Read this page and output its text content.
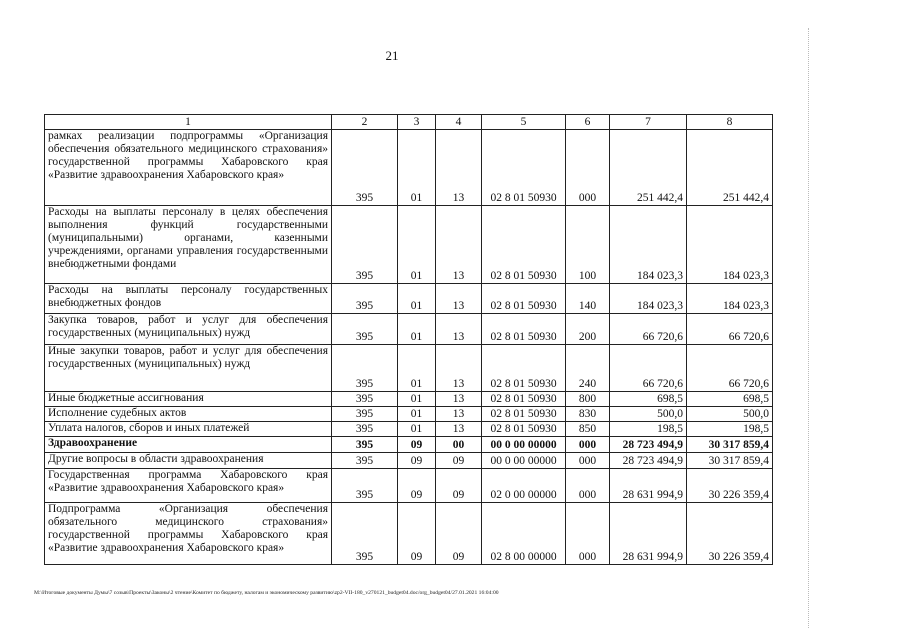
21
1	2	3	4	5	6	7	8
рамках реализации подпрограммы «Организация обеспечения обязательного медицинского страхования» государственной программы Хабаровского края «Развитие здравоохранения Хабаровского края»	395	01	13	02 8 01 50930	000	251 442,4	251 442,4
Расходы на выплаты персоналу в целях обеспечения выполнения функций государственными (муниципальными) органами, казенными учреждениями, органами управления государственными внебюджетными фондами	395	01	13	02 8 01 50930	100	184 023,3	184 023,3
Расходы на выплаты персоналу государственных внебюджетных фондов	395	01	13	02 8 01 50930	140	184 023,3	184 023,3
Закупка товаров, работ и услуг для обеспечения государственных (муниципальных) нужд	395	01	13	02 8 01 50930	200	66 720,6	66 720,6
Иные закупки товаров, работ и услуг для обеспечения государственных (муниципальных) нужд	395	01	13	02 8 01 50930	240	66 720,6	66 720,6
Иные бюджетные ассигнования	395	01	13	02 8 01 50930	800	698,5	698,5
Исполнение судебных актов	395	01	13	02 8 01 50930	830	500,0	500,0
Уплата налогов, сборов и иных платежей	395	01	13	02 8 01 50930	850	198,5	198,5
Здравоохранение	395	09	00	00 0 00 00000	000	28 723 494,9	30 317 859,4
Другие вопросы в области здравоохранения	395	09	09	00 0 00 00000	000	28 723 494,9	30 317 859,4
Государственная программа Хабаровского края «Развитие здравоохранения Хабаровского края»	395	09	09	02 0 00 00000	000	28 631 994,9	30 226 359,4
Подпрограмма «Организация обеспечения обязательного медицинского страхования» государственной программы Хабаровского края «Развитие здравоохранения Хабаровского края»	395	09	09	02 8 00 00000	000	28 631 994,9	30 226 359,4
M:\Итоговые документы Думы\7 созыв\Проекты\Законы\2 чтение\Комитет по бюджету, налогам и экономическому развитию\zp2-VII-180_v270121_budget04.doc/org_budget04/27.01.2021 16:04:00
